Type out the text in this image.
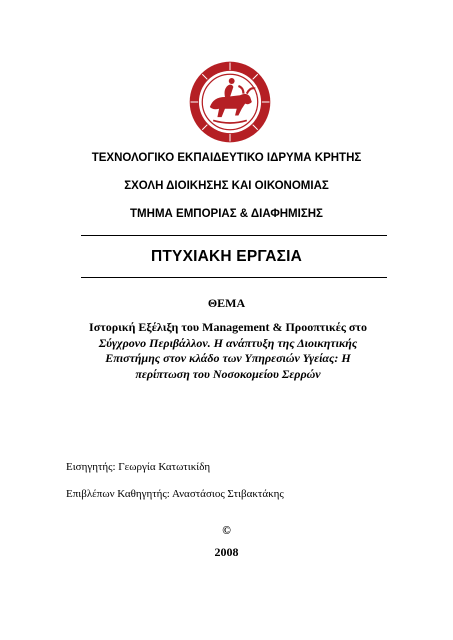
ΤΕΧΝΟΛΟΓΙΚΟ ΕΚΠΑΙΔΕΥΤΙΚΟ ΙΔΡΥΜΑ ΚΡΗΤΗΣ
ΣΧΟΛΗ ΔΙΟΙΚΗΣΗΣ ΚΑΙ ΟΙΚΟΝΟΜΙΑΣ
ΤΜΗΜΑ ΕΜΠΟΡΙΑΣ & ΔΙΑΦΗΜΙΣΗΣ
ΠΤΥΧΙΑΚΗ ΕΡΓΑΣΙΑ
ΘΕΜΑ
Ιστορική Εξέλιξη του Management & Προοπτικές στο
Σύγχρονο Περιβάλλον. Η ανάπτυξη της Διοικητικής
Επιστήμης στον κλάδο των Υπηρεσιών Υγείας: Η
περίπτωση του Νοσοκομείου Σερρών
Εισηγητής: Γεωργία Κατωτικίδη
Επιβλέπων Καθηγητής: Αναστάσιος Στιβακτάκης
©
2008
